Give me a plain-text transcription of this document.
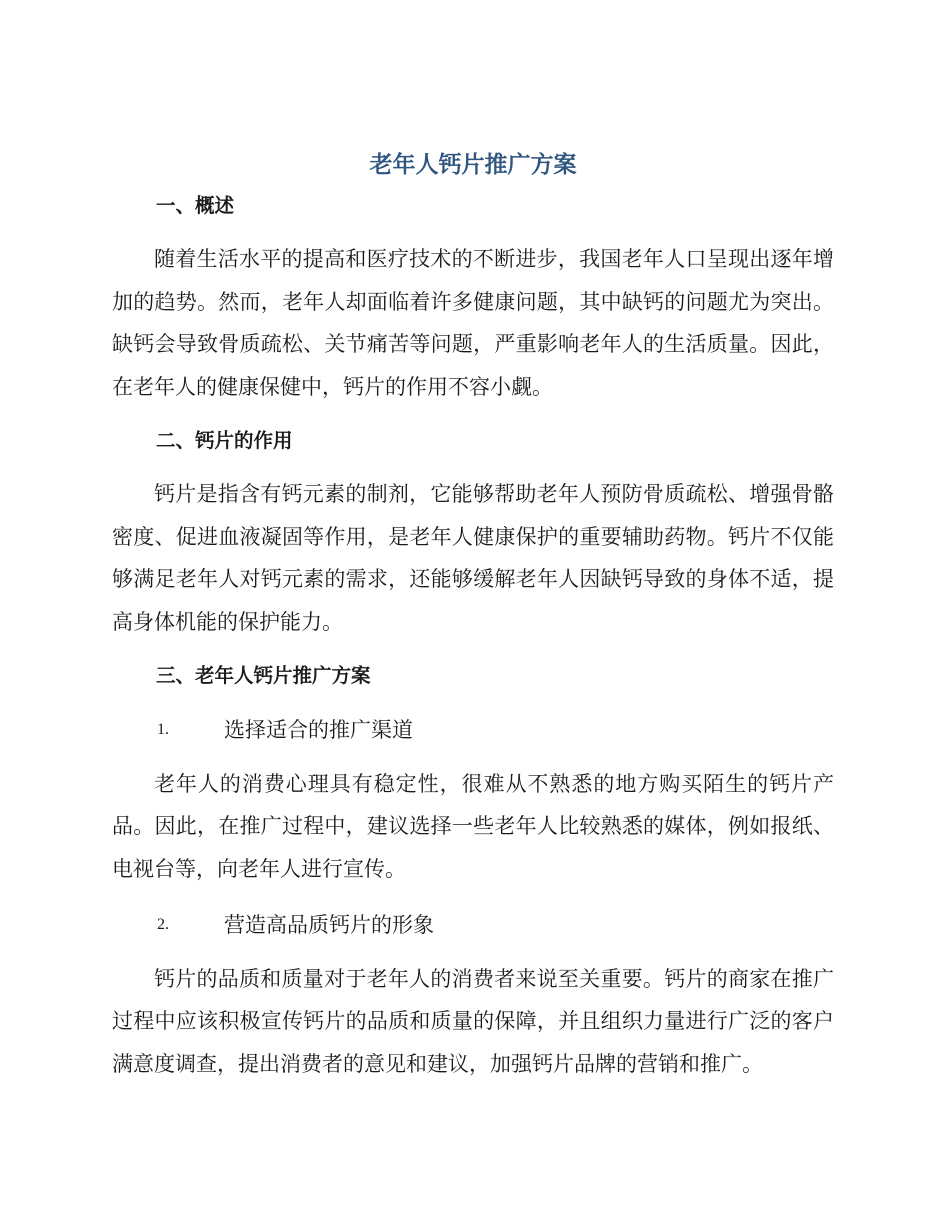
老年人钙片推广方案
一、概述

随着生活水平的提高和医疗技术的不断进步，我国老年人口呈现出逐年增加的趋势。然而，老年人却面临着许多健康问题，其中缺钙的问题尤为突出。缺钙会导致骨质疏松、关节痛苦等问题，严重影响老年人的生活质量。因此，在老年人的健康保健中，钙片的作用不容小觑。

二、钙片的作用

钙片是指含有钙元素的制剂，它能够帮助老年人预防骨质疏松、增强骨骼密度、促进血液凝固等作用，是老年人健康保护的重要辅助药物。钙片不仅能够满足老年人对钙元素的需求，还能够缓解老年人因缺钙导致的身体不适，提高身体机能的保护能力。

三、老年人钙片推广方案
1.	选择适合的推广渠道

老年人的消费心理具有稳定性，很难从不熟悉的地方购买陌生的钙片产品。因此，在推广过程中，建议选择一些老年人比较熟悉的媒体，例如报纸、电视台等，向老年人进行宣传。

2.	营造高品质钙片的形象

钙片的品质和质量对于老年人的消费者来说至关重要。钙片的商家在推广过程中应该积极宣传钙片的品质和质量的保障，并且组织力量进行广泛的客户满意度调查，提出消费者的意见和建议，加强钙片品牌的营销和推广。
